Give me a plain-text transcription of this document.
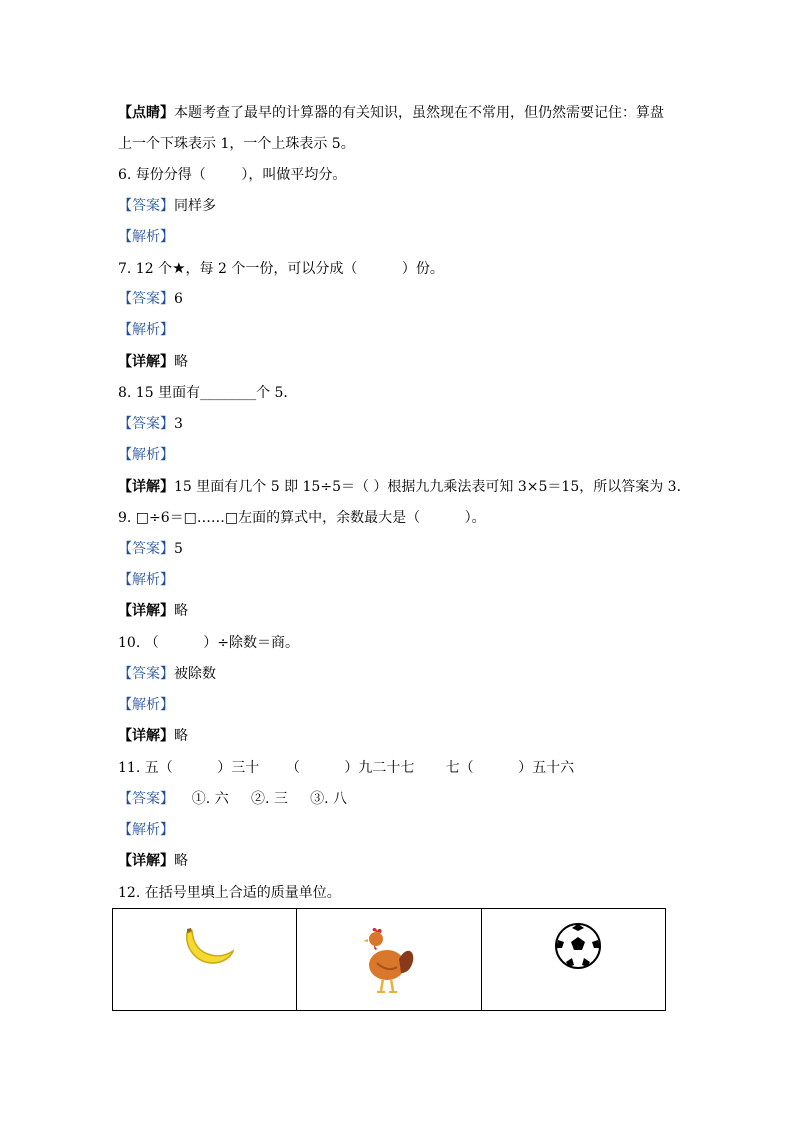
【点睛】本题考查了最早的计算器的有关知识，虽然现在不常用，但仍然需要记住：算盘
上一个下珠表示 1，一个上珠表示 5。
6. 每份分得（        ），叫做平均分。
【答案】同样多
【解析】
7. 12 个★，每 2 个一份，可以分成（          ）份。
【答案】6
【解析】
【详解】略
8. 15 里面有________个 5．
【答案】3
【解析】
【详解】15 里面有几个 5 即 15÷5＝（ ）根据九九乘法表可知 3×5＝15，所以答案为 3．
9. □÷6＝□……□左面的算式中，余数最大是（          ）。
【答案】5
【解析】
【详解】略
10. （          ）÷除数＝商。
【答案】被除数
【解析】
【详解】略
11. 五（          ）三十      （          ）九二十七       七（          ）五十六
【答案】    ①. 六     ②. 三     ③. 八
【解析】
【详解】略
12. 在括号里填上合适的质量单位。
